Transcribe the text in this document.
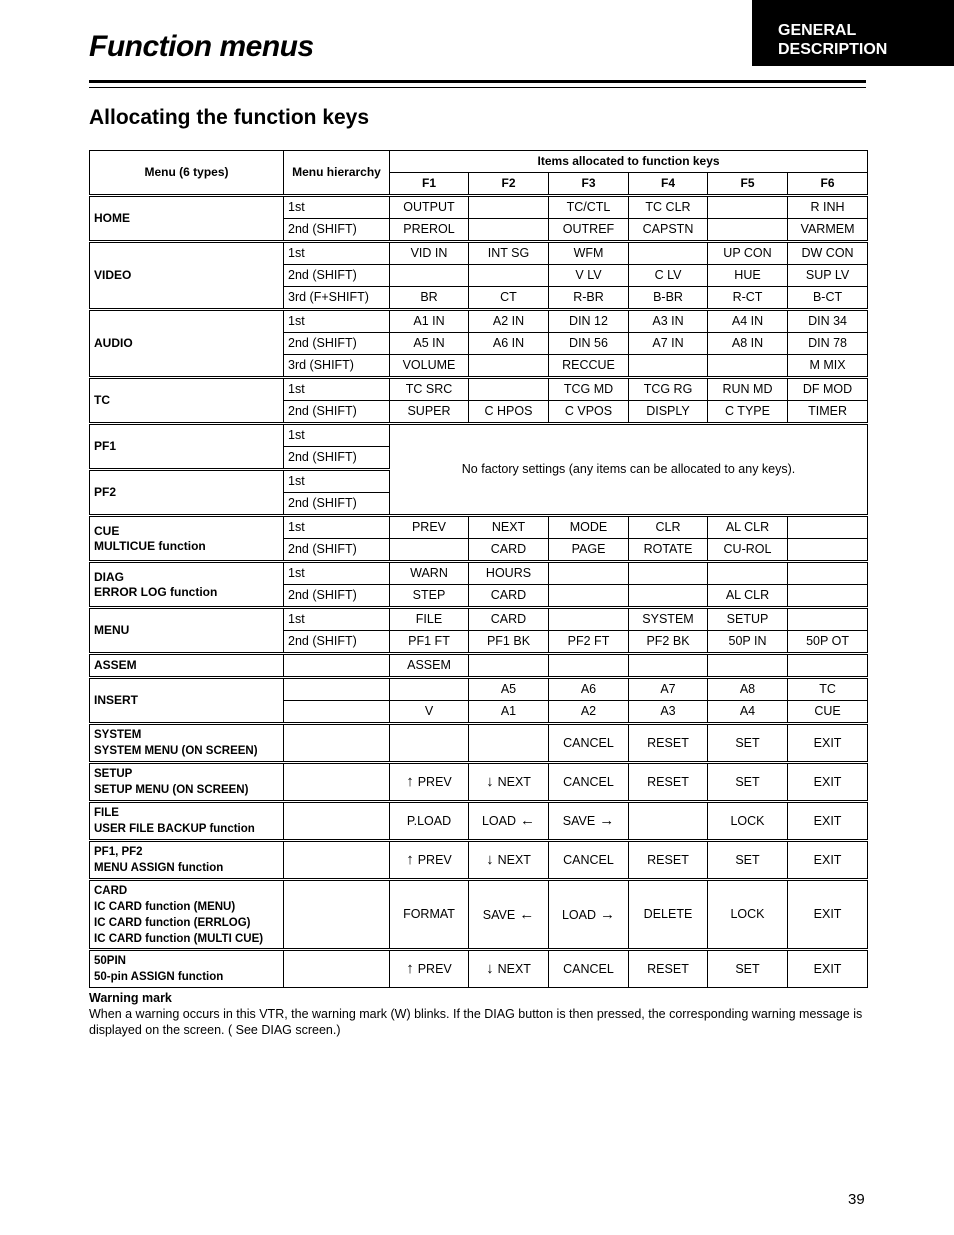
Function menus	GENERAL
DESCRIPTION
Allocating the function keys
Menu (6 types)	Menu hierarchy	Items allocated to function keys					
		F1	F2	F3	F4	F5	F6

HOME	1st	OUTPUT		TC/CTL	TC CLR		R INH
	2nd (SHIFT)	PREROL		OUTREF	CAPSTN		VARMEM

VIDEO	1st	VID IN	INT SG	WFM		UP CON	DW CON
	2nd (SHIFT)			V LV	C LV	HUE	SUP LV
	3rd (F+SHIFT)	BR	CT	R-BR	B-BR	R-CT	B-CT

AUDIO	1st	A1 IN	A2 IN	DIN 12	A3 IN	A4 IN	DIN 34
	2nd (SHIFT)	A5 IN	A6 IN	DIN 56	A7 IN	A8 IN	DIN 78
	3rd (SHIFT)	VOLUME		RECCUE			M MIX

TC	1st	TC SRC		TCG MD	TCG RG	RUN MD	DF MOD
	2nd (SHIFT)	SUPER	C HPOS	C VPOS	DISPLY	C TYPE	TIMER

PF1	1st	No factory settings (any items can be allocated to any keys).					
	2nd (SHIFT)						

PF2	1st						
	2nd (SHIFT)						

CUE
MULTICUE function	1st	PREV	NEXT	MODE	CLR	AL CLR	
	2nd (SHIFT)		CARD	PAGE	ROTATE	CU-ROL	

DIAG
ERROR LOG function	1st	WARN	HOURS				
	2nd (SHIFT)	STEP	CARD			AL CLR	

MENU	1st	FILE	CARD		SYSTEM	SETUP	
	2nd (SHIFT)	PF1 FT	PF1 BK	PF2 FT	PF2 BK	50P IN	50P OT

ASSEM		ASSEM					

INSERT			A5	A6	A7	A8	TC
		V	A1	A2	A3	A4	CUE

SYSTEM
SYSTEM MENU (ON SCREEN)				CANCEL	RESET	SET	EXIT

SETUP
SETUP MENU (ON SCREEN)		↑ PREV	↓ NEXT	CANCEL	RESET	SET	EXIT

FILE
USER FILE BACKUP function		P.LOAD	LOAD ←	SAVE →		LOCK	EXIT

PF1, PF2
MENU ASSIGN function		↑ PREV	↓ NEXT	CANCEL	RESET	SET	EXIT

CARD
IC CARD function (MENU)
IC CARD function (ERRLOG)
IC CARD function (MULTI CUE)		FORMAT	SAVE ←	LOAD →	DELETE	LOCK	EXIT

50PIN
50-pin ASSIGN function		↑ PREV	↓ NEXT	CANCEL	RESET	SET	EXIT
Warning mark
When a warning occurs in this VTR, the warning mark (W) blinks. If the DIAG button is then pressed, the corresponding warning message is displayed on the screen. ( See DIAG screen.)
39
